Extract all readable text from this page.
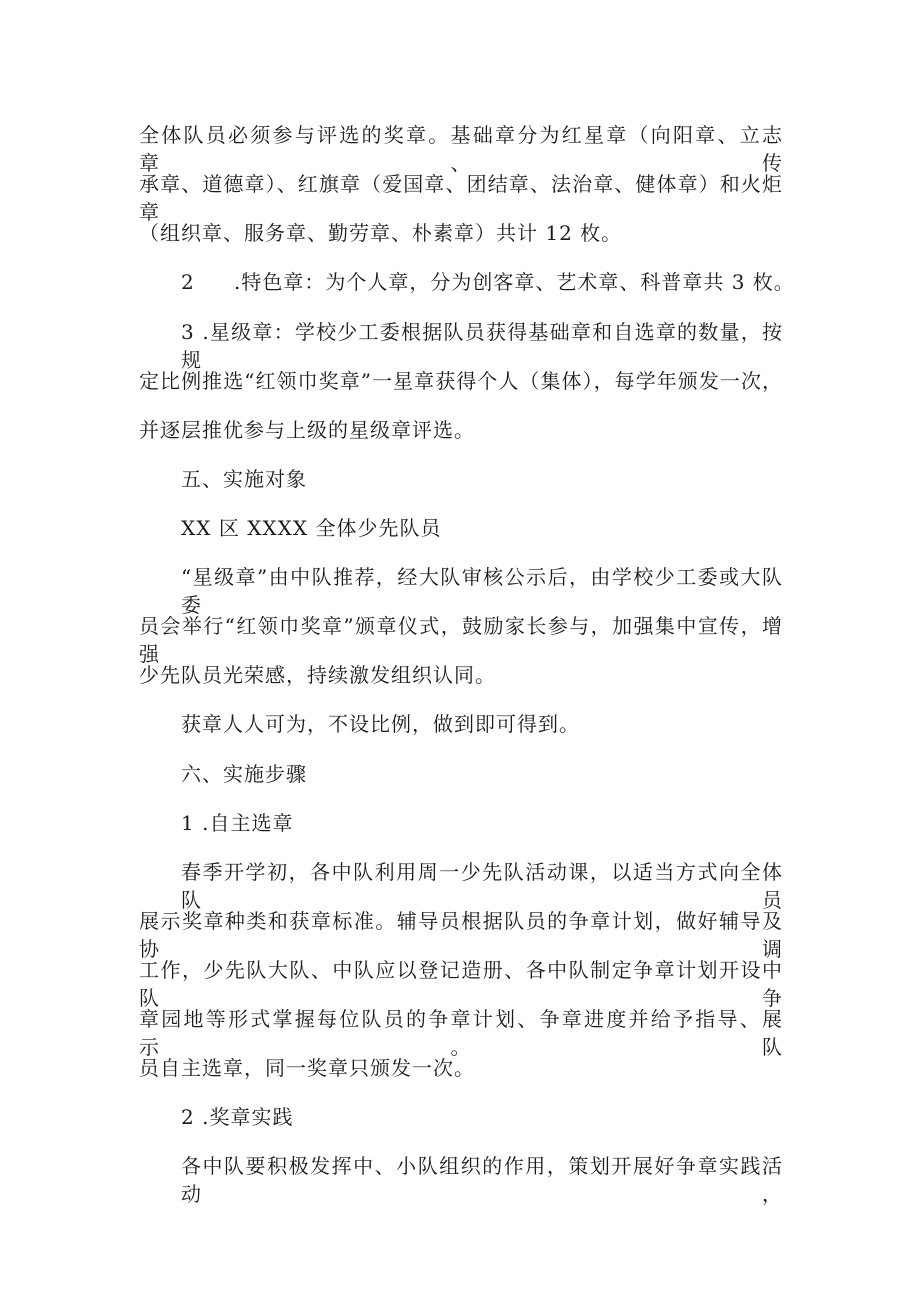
全体队员必须参与评选的奖章。基础章分为红星章（向阳章、立志章、传
承章、道德章）、红旗章（爱国章、团结章、法治章、健体章）和火炬章
（组织章、服务章、勤劳章、朴素章）共计 12 枚。
2 .特色章：为个人章，分为创客章、艺术章、科普章共 3 枚。
3 .星级章：学校少工委根据队员获得基础章和自选章的数量，按规
定比例推选“红领巾奖章”一星章获得个人（集体），每学年颁发一次，
并逐层推优参与上级的星级章评选。
五、实施对象
XX 区 XXXX 全体少先队员
“星级章”由中队推荐，经大队审核公示后，由学校少工委或大队委
员会举行“红领巾奖章”颁章仪式，鼓励家长参与，加强集中宣传，增强
少先队员光荣感，持续激发组织认同。
获章人人可为，不设比例，做到即可得到。
六、实施步骤
1 .自主选章
春季开学初，各中队利用周一少先队活动课，以适当方式向全体队员
展示奖章种类和获章标准。辅导员根据队员的争章计划，做好辅导及协调
工作，少先队大队、中队应以登记造册、各中队制定争章计划开设中队争
章园地等形式掌握每位队员的争章计划、争章进度并给予指导、展示。队
员自主选章，同一奖章只颁发一次。
2 .奖章实践
各中队要积极发挥中、小队组织的作用，策划开展好争章实践活动，
